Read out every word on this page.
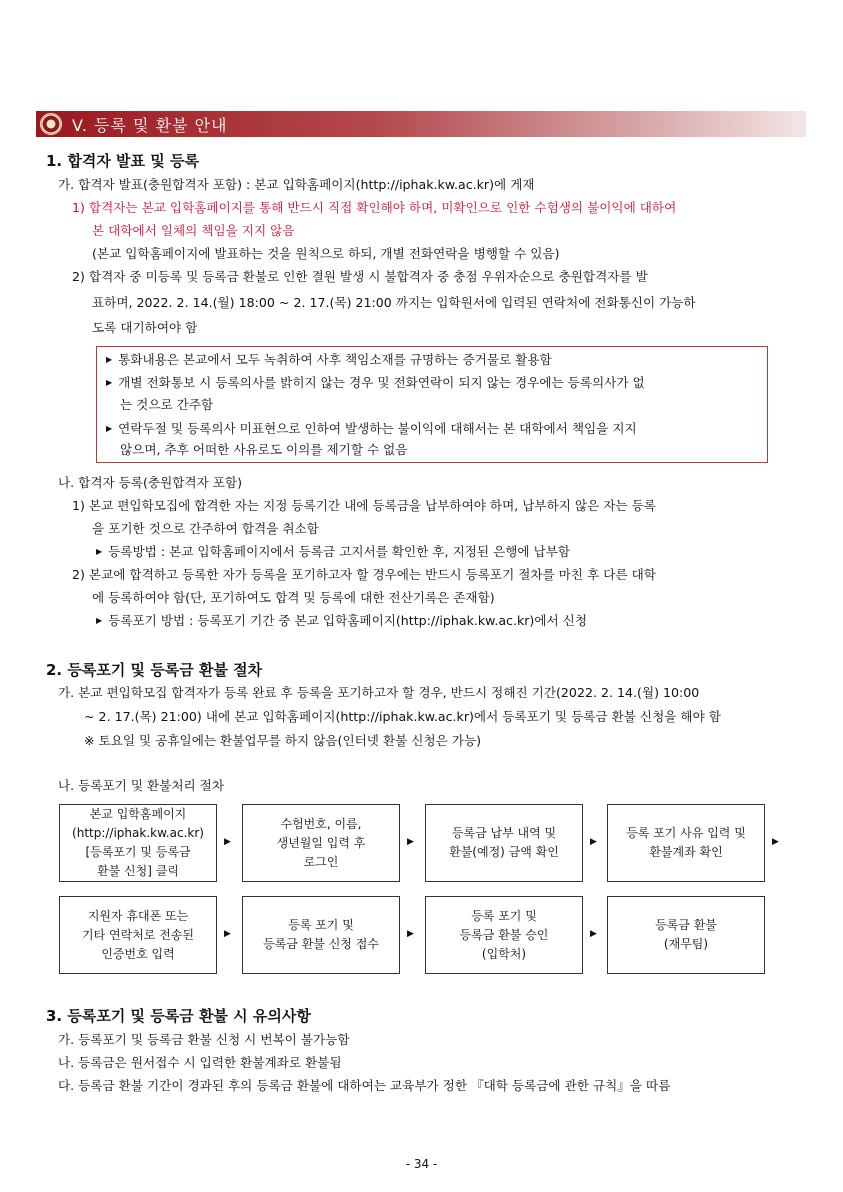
V. 등록 및 환불 안내
1. 합격자 발표 및 등록
가. 합격자 발표(충원합격자 포함) : 본교 입학홈페이지(http://iphak.kw.ac.kr)에 게재
1) 합격자는 본교 입학홈페이지를 통해 반드시 직접 확인해야 하며, 미확인으로 인한 수험생의 불이익에 대하여
본 대학에서 일체의 책임을 지지 않음
(본교 입학홈페이지에 발표하는 것을 원칙으로 하되, 개별 전화연락을 병행할 수 있음)
2) 합격자 중 미등록 및 등록금 환불로 인한 결원 발생 시 불합격자 중 충점 우위자순으로 충원합격자를 발
표하며, 2022. 2. 14.(월) 18:00 ~ 2. 17.(목) 21:00 까지는 입학원서에 입력된 연락처에 전화통신이 가능하
도록 대기하여야 함
▶ 통화내용은 본교에서 모두 녹취하여 사후 책임소재를 규명하는 증거물로 활용함
▶ 개별 전화통보 시 등록의사를 밝히지 않는 경우 및 전화연락이 되지 않는 경우에는 등록의사가 없
는 것으로 간주함
▶ 연락두절 및 등록의사 미표현으로 인하여 발생하는 불이익에 대해서는 본 대학에서 책임을 지지
않으며, 추후 어떠한 사유로도 이의를 제기할 수 없음
나. 합격자 등록(충원합격자 포함)
1) 본교 편입학모집에 합격한 자는 지정 등록기간 내에 등록금을 납부하여야 하며, 납부하지 않은 자는 등록
을 포기한 것으로 간주하여 합격을 취소함
▶ 등록방법 : 본교 입학홈페이지에서 등록금 고지서를 확인한 후, 지정된 은행에 납부함
2) 본교에 합격하고 등록한 자가 등록을 포기하고자 할 경우에는 반드시 등록포기 절차를 마친 후 다른 대학
에 등록하여야 함(단, 포기하여도 합격 및 등록에 대한 전산기록은 존재함)
▶ 등록포기 방법 : 등록포기 기간 중 본교 입학홈페이지(http://iphak.kw.ac.kr)에서 신청
2. 등록포기 및 등록금 환불 절차
가. 본교 편입학모집 합격자가 등록 완료 후 등록을 포기하고자 할 경우, 반드시 정해진 기간(2022. 2. 14.(월) 10:00
~ 2. 17.(목) 21:00) 내에 본교 입학홈페이지(http://iphak.kw.ac.kr)에서 등록포기 및 등록금 환불 신청을 해야 함
※ 토요일 및 공휴일에는 환불업무를 하지 않음(인터넷 환불 신청은 가능)
나. 등록포기 및 환불처리 절차
3. 등록포기 및 등록금 환불 시 유의사항
가. 등록포기 및 등록금 환불 신청 시 번복이 불가능함
나. 등록금은 원서접수 시 입력한 환불계좌로 환불됨
다. 등록금 환불 기간이 경과된 후의 등록금 환불에 대하여는 교육부가 정한 『대학 등록금에 관한 규칙』을 따름
- 34 -
본교 입학홈페이지
(http://iphak.kw.ac.kr)
[등록포기 및 등록금
환불 신청] 클릭
▶
수험번호, 이름,
생년월일 입력 후
로그인
▶
등록금 납부 내역 및
환불(예정) 금액 확인
▶
등록 포기 사유 입력 및
환불계좌 확인
▶
지원자 휴대폰 또는
기타 연락처로 전송된
인증번호 입력
▶
등록 포기 및
등록금 환불 신청 접수
▶
등록 포기 및
등록금 환불 승인
(입학처)
▶
등록금 환불
(재무팀)
